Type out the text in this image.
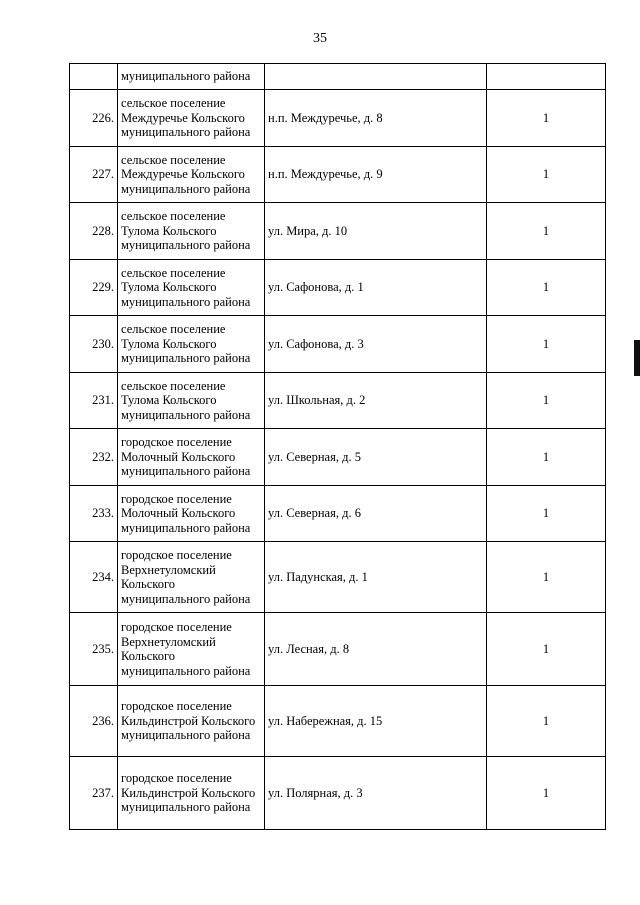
35
	муниципального района		
226.	сельское поселение Междуречье Кольского муниципального района	н.п. Междуречье, д. 8	1
227.	сельское поселение Междуречье Кольского муниципального района	н.п. Междуречье, д. 9	1
228.	сельское поселение Тулома Кольского муниципального района	ул. Мира, д. 10	1
229.	сельское поселение Тулома Кольского муниципального района	ул. Сафонова, д. 1	1
230.	сельское поселение Тулома Кольского муниципального района	ул. Сафонова, д. 3	1
231.	сельское поселение Тулома Кольского муниципального района	ул. Школьная, д. 2	1
232.	городское поселение Молочный Кольского муниципального района	ул. Северная, д. 5	1
233.	городское поселение Молочный Кольского муниципального района	ул. Северная, д. 6	1
234.	городское поселение Верхнетуломский Кольского муниципального района	ул. Падунская, д. 1	1
235.	городское поселение Верхнетуломский Кольского муниципального района	ул. Лесная, д. 8	1
236.	городское поселение Кильдинстрой Кольского муниципального района	ул. Набережная, д. 15	1
237.	городское поселение Кильдинстрой Кольского муниципального района	ул. Полярная, д. 3	1
